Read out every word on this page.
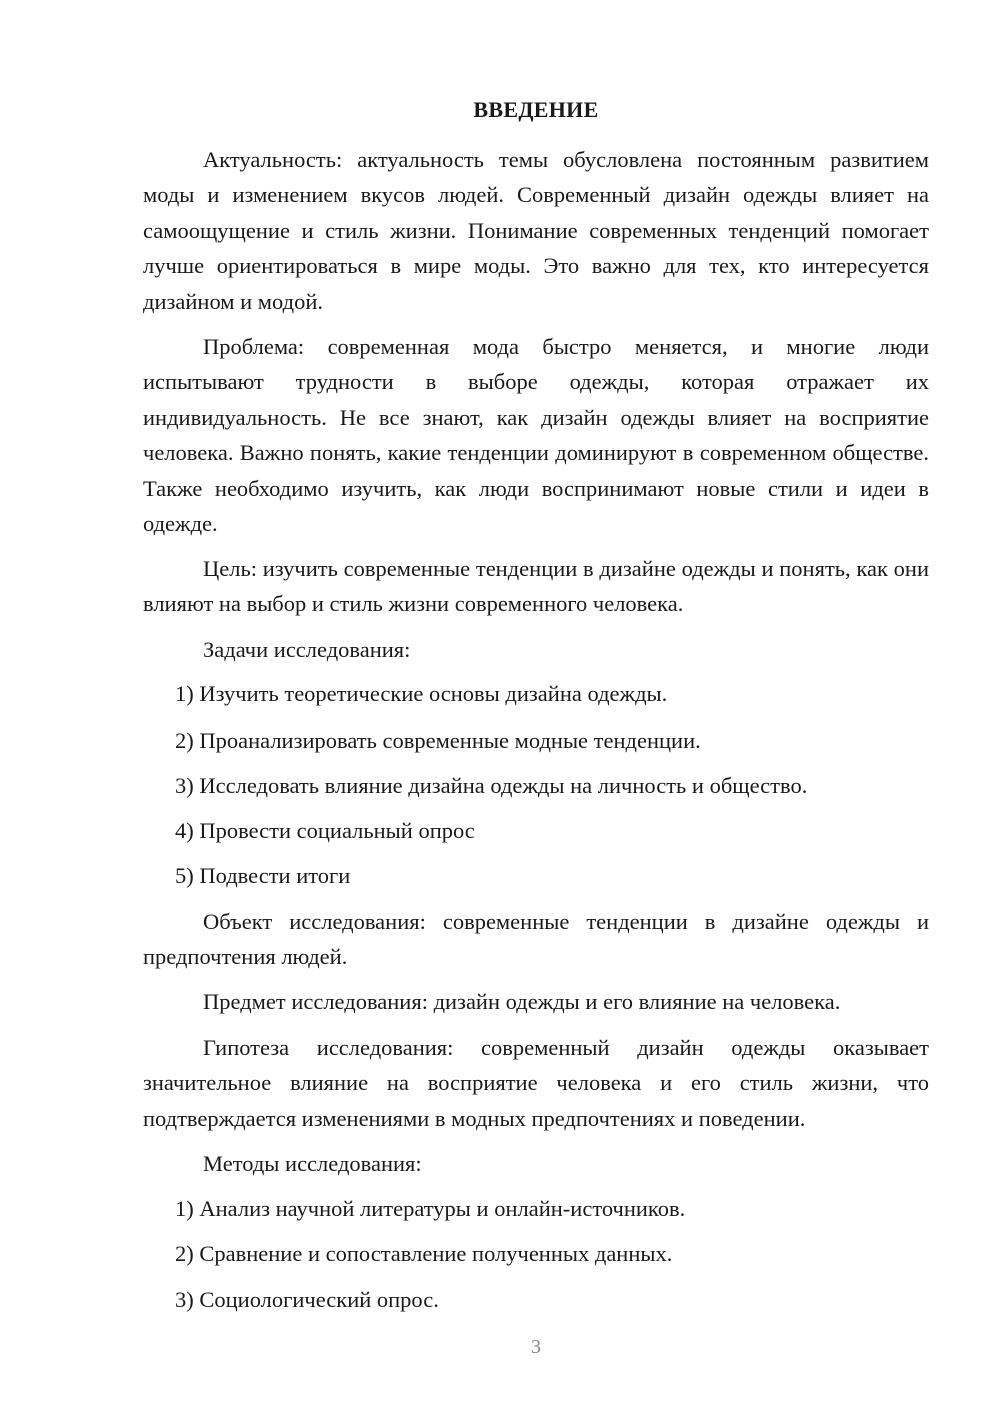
ВВЕДЕНИЕ

Актуальность: актуальность темы обусловлена постоянным развитием моды и изменением вкусов людей. Современный дизайн одежды влияет на самоощущение и стиль жизни. Понимание современных тенденций помогает лучше ориентироваться в мире моды. Это важно для тех, кто интересуется дизайном и модой.

Проблема: современная мода быстро меняется, и многие люди испытывают трудности в выборе одежды, которая отражает их индивидуальность. Не все знают, как дизайн одежды влияет на восприятие человека. Важно понять, какие тенденции доминируют в современном обществе. Также необходимо изучить, как люди воспринимают новые стили и идеи в одежде.

Цель: изучить современные тенденции в дизайне одежды и понять, как они влияют на выбор и стиль жизни современного человека.

Задачи исследования:
1) Изучить теоретические основы дизайна одежды.
2) Проанализировать современные модные тенденции.
3) Исследовать влияние дизайна одежды на личность и общество.
4) Провести социальный опрос
5) Подвести итоги

Объект исследования: современные тенденции в дизайне одежды и предпочтения людей.

Предмет исследования: дизайн одежды и его влияние на человека.

Гипотеза исследования: современный дизайн одежды оказывает значительное влияние на восприятие человека и его стиль жизни, что подтверждается изменениями в модных предпочтениях и поведении.

Методы исследования:
1) Анализ научной литературы и онлайн-источников.
2) Сравнение и сопоставление полученных данных.
3) Социологический опрос.
3
